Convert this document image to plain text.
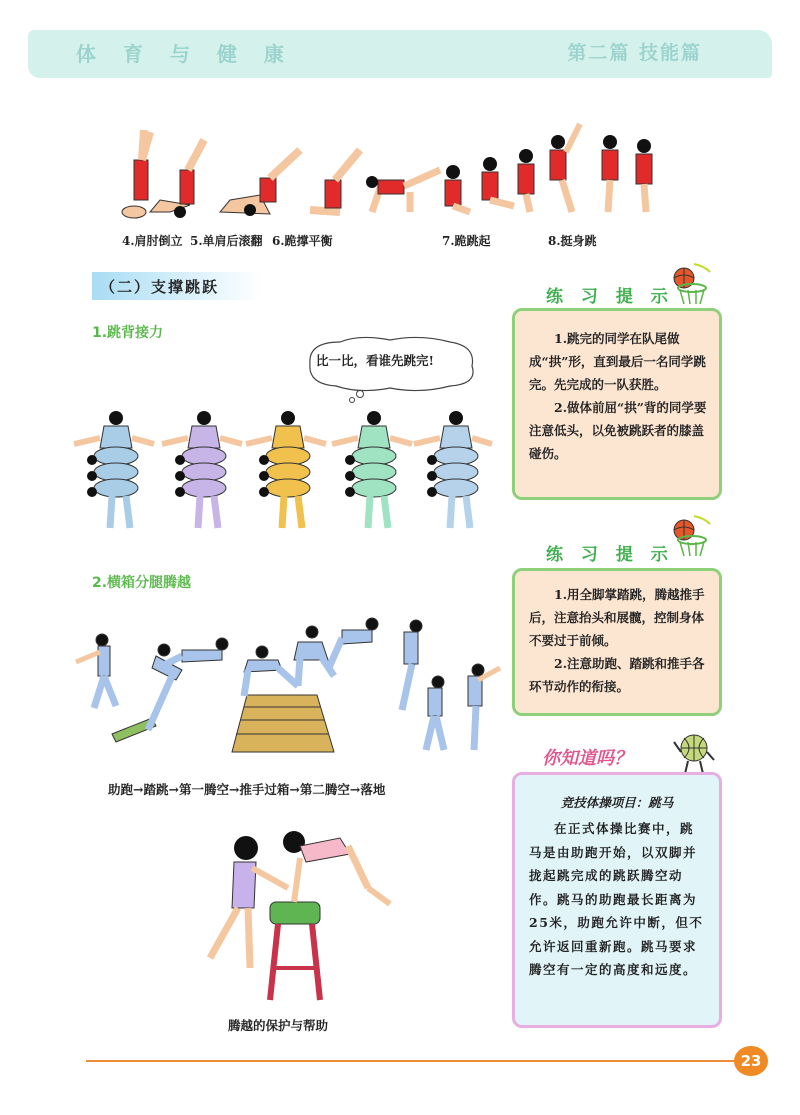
体 育 与 健 康	第二篇 技能篇
4.肩肘倒立 5.单肩后滚翻 6.跪撑平衡	7.跪跳起	8.挺身跳
（二）支撑跳跃
1.跳背接力
比一比，看谁先跳完!
练 习 提 示

1.跳完的同学在队尾做成“拱”形，直到最后一名同学跳完。先完成的一队获胜。

2.做体前屈“拱”背的同学要注意低头，以免被跳跃者的膝盖碰伤。

2.横箱分腿腾越
助跑→踏跳→第一腾空→推手过箱→第二腾空→落地
练 习 提 示

1.用全脚掌踏跳，腾越推手后，注意抬头和展髋，控制身体不要过于前倾。

2.注意助跑、踏跳和推手各环节动作的衔接。

腾越的保护与帮助
你知道吗？
竞技体操项目：跳马
在正式体操比赛中，跳马是由助跑开始，以双脚并拢起跳完成的跳跃腾空动作。跳马的助跑最长距离为25米，助跑允许中断，但不允许返回重新跑。跳马要求腾空有一定的高度和远度。
23
